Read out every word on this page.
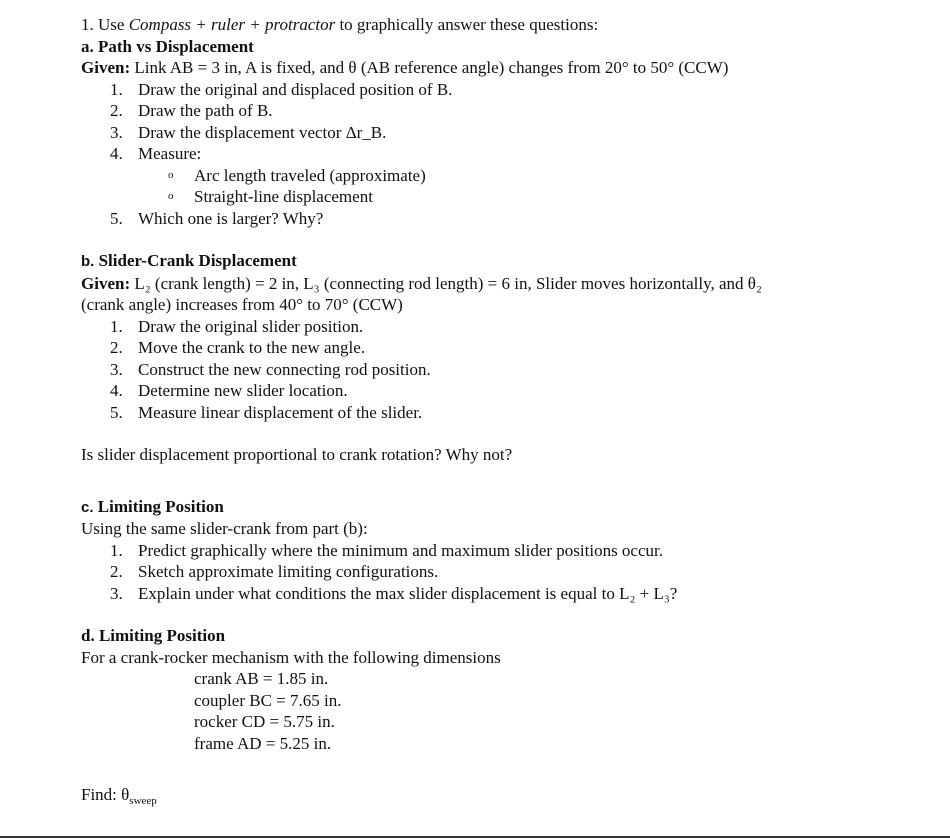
1. Use Compass + ruler + protractor to graphically answer these questions:
a. Path vs Displacement
Given: Link AB = 3 in, A is fixed, and θ (AB reference angle) changes from 20° to 50° (CCW)
1. Draw the original and displaced position of B.
2. Draw the path of B.
3. Draw the displacement vector Δr_B.
4. Measure:
o	Arc length traveled (approximate)
o	Straight-line displacement
5. Which one is larger? Why?
b. Slider-Crank Displacement
Given: L₂ (crank length) = 2 in, L₃ (connecting rod length) = 6 in, Slider moves horizontally, and θ₂
(crank angle) increases from 40° to 70° (CCW)
1. Draw the original slider position.
2. Move the crank to the new angle.
3. Construct the new connecting rod position.
4. Determine new slider location.
5. Measure linear displacement of the slider.
Is slider displacement proportional to crank rotation? Why not?
c. Limiting Position
Using the same slider-crank from part (b):
1. Predict graphically where the minimum and maximum slider positions occur.
2. Sketch approximate limiting configurations.
3. Explain under what conditions the max slider displacement is equal to L₂ + L₃?
d. Limiting Position
For a crank-rocker mechanism with the following dimensions
crank AB = 1.85 in.
coupler BC = 7.65 in.
rocker CD = 5.75 in.
frame AD = 5.25 in.
Find: $\theta_{sweep}$
